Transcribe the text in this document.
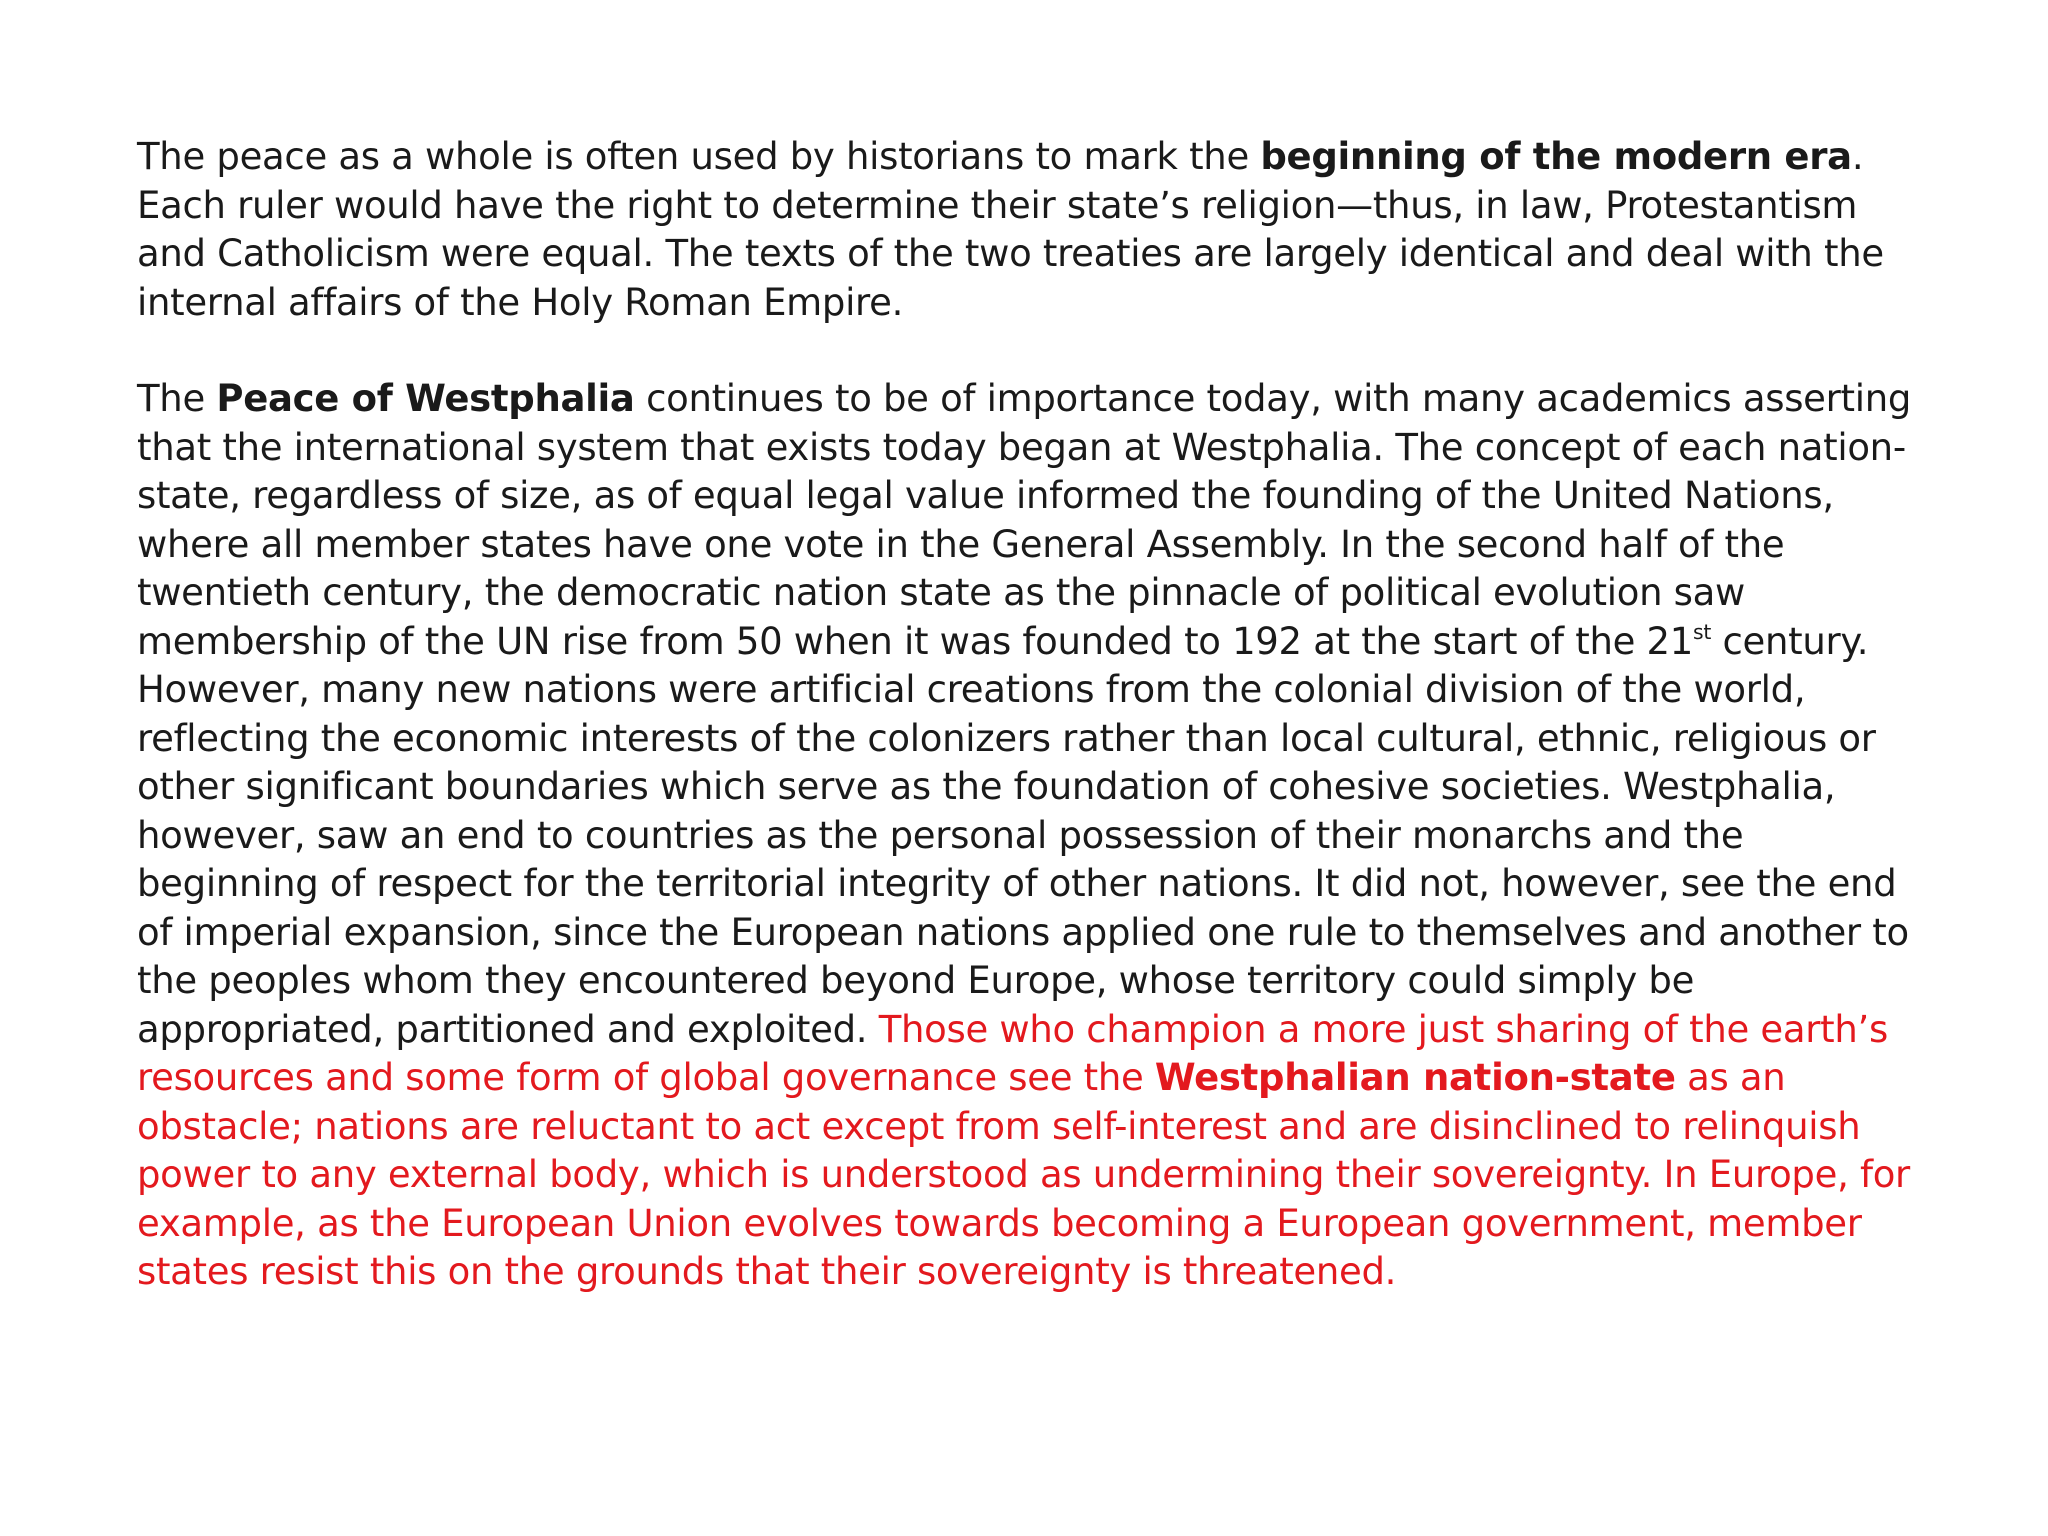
The peace as a whole is often used by historians to mark the beginning of the modern era. Each ruler would have the right to determine their state’s religion—thus, in law, Protestantism and Catholicism were equal. The texts of the two treaties are largely identical and deal with the internal affairs of the Holy Roman Empire.

The Peace of Westphalia continues to be of importance today, with many academics asserting that the international system that exists today began at Westphalia. The concept of each nation-state, regardless of size, as of equal legal value informed the founding of the United Nations, where all member states have one vote in the General Assembly. In the second half of the twentieth century, the democratic nation state as the pinnacle of political evolution saw membership of the UN rise from 50 when it was founded to 192 at the start of the 21st century. However, many new nations were artificial creations from the colonial division of the world, reflecting the economic interests of the colonizers rather than local cultural, ethnic, religious or other significant boundaries which serve as the foundation of cohesive societies. Westphalia, however, saw an end to countries as the personal possession of their monarchs and the beginning of respect for the territorial integrity of other nations. It did not, however, see the end of imperial expansion, since the European nations applied one rule to themselves and another to the peoples whom they encountered beyond Europe, whose territory could simply be appropriated, partitioned and exploited. Those who champion a more just sharing of the earth’s resources and some form of global governance see the Westphalian nation-state as an obstacle; nations are reluctant to act except from self-interest and are disinclined to relinquish power to any external body, which is understood as undermining their sovereignty. In Europe, for example, as the European Union evolves towards becoming a European government, member states resist this on the grounds that their sovereignty is threatened.
